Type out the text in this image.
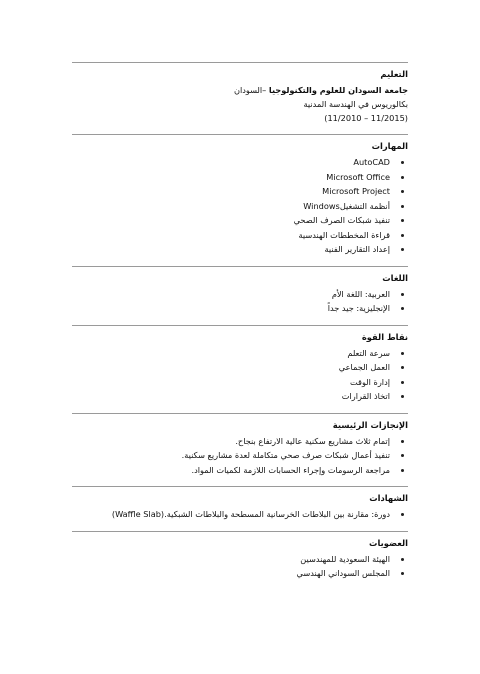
التعليم
جامعة السودان للعلوم والتكنولوجيا –السودان
بكالوريوس في الهندسة المدنية
(11/2010 – 11/2015)
المهارات
AutoCAD
Microsoft Office
Microsoft Project
أنظمة التشغيلWindows
تنفيذ شبكات الصرف الصحي
قراءة المخططات الهندسية
إعداد التقارير الفنية
اللغات
العربية: اللغة الأم
الإنجليزية: جيد جداً
نقاط القوة
سرعة التعلم
العمل الجماعي
إدارة الوقت
اتخاذ القرارات
الإنجازات الرئيسية
إتمام ثلاث مشاريع سكنية عالية الارتفاع بنجاح.
تنفيذ أعمال شبكات صرف صحي متكاملة لعدة مشاريع سكنية.
مراجعة الرسومات وإجراء الحسابات اللازمة لكميات المواد.
الشهادات
دورة: مقارنة بين البلاطات الخرسانية المسطحة والبلاطات الشبكية.(Waffle Slab)
العضويات
الهيئة السعودية للمهندسين
المجلس السوداني الهندسي
